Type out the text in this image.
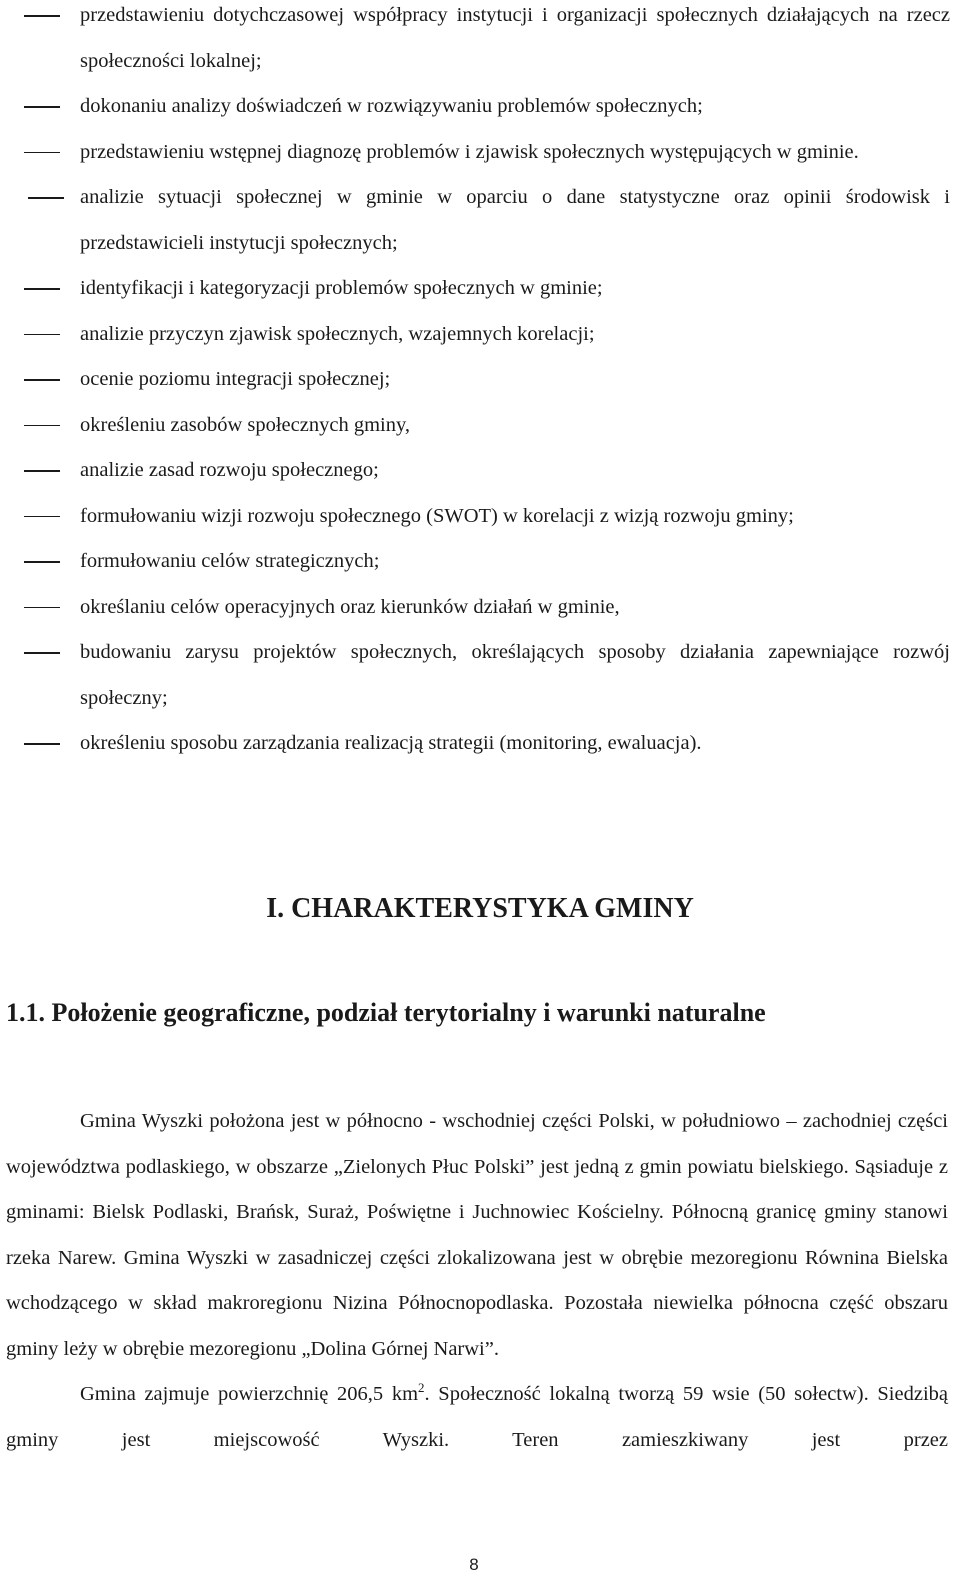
przedstawieniu dotychczasowej współpracy instytucji i organizacji społecznych działających na rzecz społeczności lokalnej;
dokonaniu analizy doświadczeń w rozwiązywaniu problemów społecznych;
przedstawieniu wstępnej diagnozę problemów i zjawisk społecznych występujących w gminie.
analizie sytuacji społecznej w gminie w oparciu o dane statystyczne oraz opinii środowisk i przedstawicieli instytucji społecznych;
identyfikacji i kategoryzacji problemów społecznych w gminie;
analizie przyczyn zjawisk społecznych, wzajemnych korelacji;
ocenie poziomu integracji społecznej;
określeniu zasobów społecznych gminy,
analizie zasad rozwoju społecznego;
formułowaniu wizji rozwoju społecznego (SWOT) w korelacji z wizją rozwoju gminy;
formułowaniu celów strategicznych;
określaniu celów operacyjnych oraz kierunków działań w gminie,
budowaniu zarysu projektów społecznych, określających sposoby działania zapewniające rozwój społeczny;
określeniu sposobu zarządzania realizacją strategii (monitoring, ewaluacja).
I. CHARAKTERYSTYKA GMINY
1.1. Położenie geograficzne, podział terytorialny i warunki naturalne

Gmina Wyszki położona jest w północno - wschodniej części Polski, w południowo – zachodniej części województwa podlaskiego, w obszarze „Zielonych Płuc Polski” jest jedną z gmin powiatu bielskiego. Sąsiaduje z gminami: Bielsk Podlaski, Brańsk, Suraż, Poświętne i Juchnowiec Kościelny. Północną granicę gminy stanowi rzeka Narew. Gmina Wyszki w zasadniczej części zlokalizowana jest w obrębie mezoregionu Równina Bielska wchodzącego w skład makroregionu Nizina Północnopodlaska. Pozostała niewielka północna część obszaru gminy leży w obrębie mezoregionu „Dolina Górnej Narwi”.

Gmina zajmuje powierzchnię 206,5 $km^2$. Społeczność lokalną tworzą 59 wsie (50 sołectw). Siedzibą gminy jest miejscowość Wyszki. Teren zamieszkiwany jest przez

8
